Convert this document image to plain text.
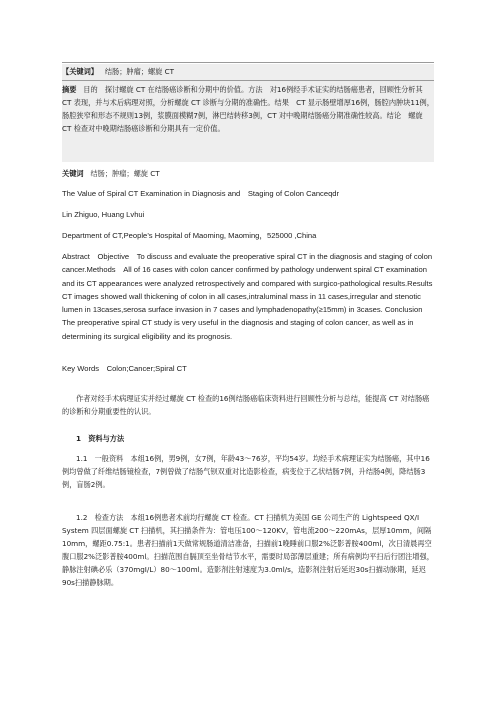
【关键词】 结肠；肿瘤；螺旋 CT

摘要 目的　探讨螺旋 CT 在结肠癌诊断和分期中的价值。方法　对16例经手术证实的结肠癌患者，回顾性分析其 CT 表现，并与术后病理对照，分析螺旋 CT 诊断与分期的准确性。结果　CT 显示肠壁增厚16例，肠腔内肿块11例，肠腔狭窄和形态不规则13例，浆膜面模糊7例，淋巴结转移3例，CT 对中晚期结肠癌分期准确性较高。结论　螺旋 CT 检查对中晚期结肠癌诊断和分期具有一定价值。

关键词 结肠；肿瘤；螺旋 CT

The Value of Spiral CT Examination in Diagnosis and　Staging of Colon Canceqdr

Lin Zhiguo, Huang Lvhui

Department of CT,People’s Hospital of Maoming, Maoming，525000 ,China

Abstract　Objective　To discuss and evaluate the preoperative spiral CT in the diagnosis and staging of colon cancer.Methods　All of 16 cases with colon cancer confirmed by pathology underwent spiral CT examination and its CT appearances were analyzed retrospectively and compared with surgico-pathological results.Results　CT images showed wall thickening of colon in all cases,intraluminal mass in 11 cases,irregular and stenotic lumen in 13cases,serosa surface invasion in 7 cases and lymphadenopathy(≥15mm) in 3cases. Conclusion　The preoperative spiral CT study is very useful in the diagnosis and staging of colon cancer, as well as in determining its surgical eligibility and its prognosis.

Key Words　Colon;Cancer;Spiral CT

作者对经手术病理证实并经过螺旋 CT 检查的16例结肠癌临床资料进行回顾性分析与总结，能提高 CT 对结肠癌的诊断和分期重要性的认识。

1　资料与方法

1.1　一般资料　本组16例，男9例，女7例，年龄43～76岁，平均54岁。均经手术病理证实为结肠癌，其中16例均曾做了纤维结肠镜检查，7例曾做了结肠气钡双重对比造影检查，病变位于乙状结肠7例，升结肠4例，降结肠3例，盲肠2例。

1.2　检查方法　本组16例患者术前均行螺旋 CT 检查。CT 扫描机为美国 GE 公司生产的 Lightspeed QX/I System 四层面螺旋 CT 扫描机，其扫描条件为：管电压100～120KV，管电流200～220mAs，层厚10mm，间隔10mm，螺距0.75:1。患者扫描前1天做常规肠道清洁准备，扫描前1晚睡前口服2%泛影普胺400ml，次日清晨再空腹口服2%泛影普胺400ml。扫描范围自膈顶至坐骨结节水平，需要时局部薄层重建；所有病例均平扫后行团注增强，静脉注射碘必乐（370mgI/L）80～100ml。造影剂注射速度为3.0ml/s，造影剂注射后延迟30s扫描动脉期，延迟90s扫描静脉期。
